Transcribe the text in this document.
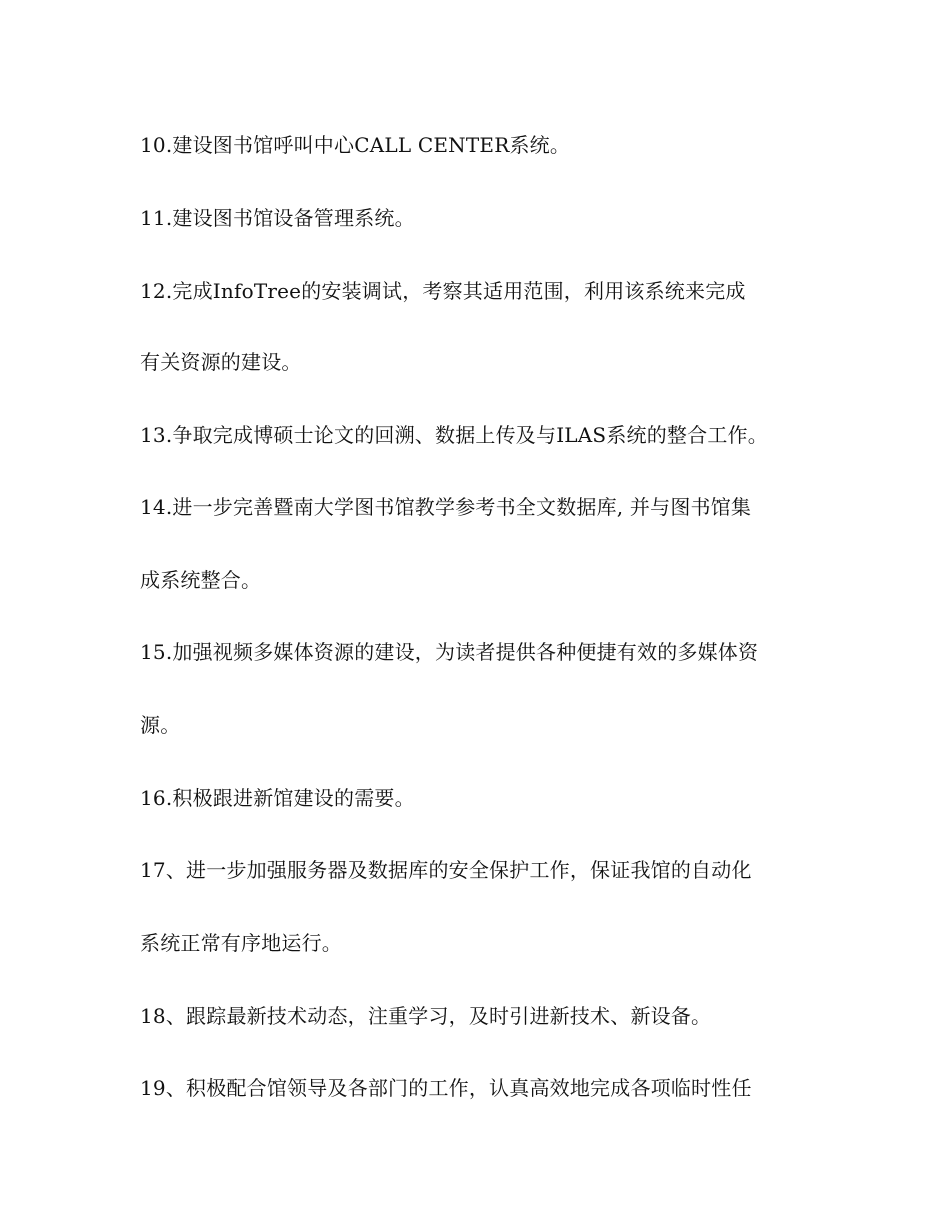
10.建设图书馆呼叫中心CALL CENTER系统。
11.建设图书馆设备管理系统。
12.完成InfoTree的安装调试，考察其适用范围，利用该系统来完成
有关资源的建设。
13.争取完成博硕士论文的回溯、数据上传及与ILAS系统的整合工作。
14.进一步完善暨南大学图书馆教学参考书全文数据库, 并与图书馆集
成系统整合。
15.加强视频多媒体资源的建设，为读者提供各种便捷有效的多媒体资
源。
16.积极跟进新馆建设的需要。
17、进一步加强服务器及数据库的安全保护工作，保证我馆的自动化
系统正常有序地运行。
18、跟踪最新技术动态，注重学习，及时引进新技术、新设备。
19、积极配合馆领导及各部门的工作，认真高效地完成各项临时性任
